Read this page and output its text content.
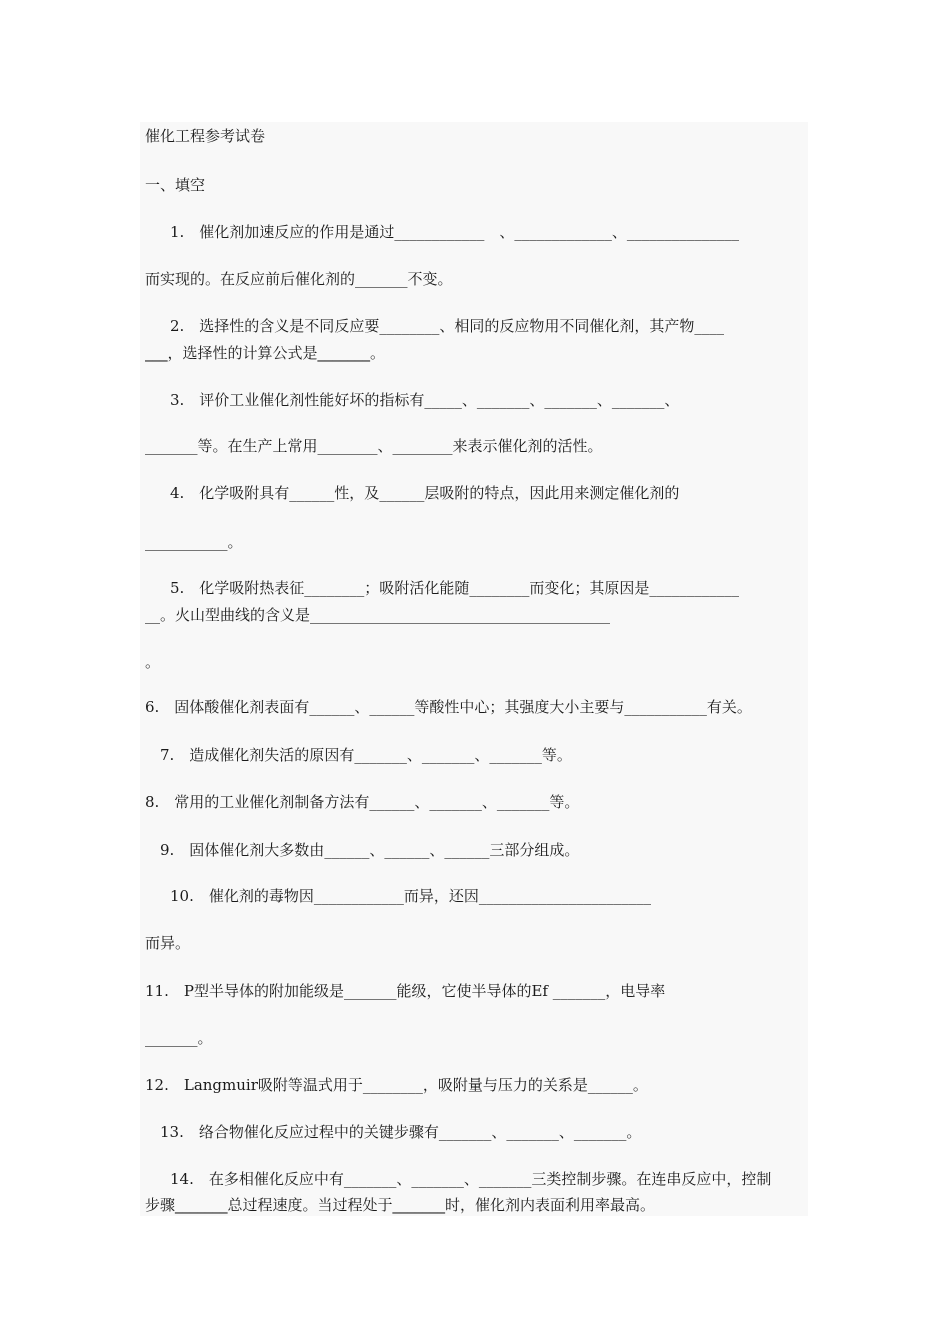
催化工程参考试卷
一、填空
1.　催化剂加速反应的作用是通过____________　、_____________、_______________
而实现的。在反应前后催化剂的_______不变。
2.　选择性的含义是不同反应要________、相同的反应物用不同催化剂，其产物____
___，选择性的计算公式是_______。
3.　评价工业催化剂性能好坏的指标有_____、_______、_______、_______、
_______等。在生产上常用________、________来表示催化剂的活性。
4.　化学吸附具有______性，及______层吸附的特点，因此用来测定催化剂的
___________。
5.　化学吸附热表征________；吸附活化能随________而变化；其原因是____________
__。火山型曲线的含义是________________________________________
。
6.　固体酸催化剂表面有______、______等酸性中心；其强度大小主要与___________有关。
7.　造成催化剂失活的原因有_______、_______、_______等。
8.　常用的工业催化剂制备方法有______、_______、_______等。
9.　固体催化剂大多数由______、______、______三部分组成。
10.　催化剂的毒物因____________而异，还因_______________________
而异。
11.　P型半导体的附加能级是_______能级，它使半导体的Ef _______，电导率
_______。
12.　Langmuir吸附等温式用于________，吸附量与压力的关系是______。
13.　络合物催化反应过程中的关键步骤有_______、_______、_______。
14.　在多相催化反应中有_______、_______、_______三类控制步骤。在连串反应中，控制
步骤_______总过程速度。当过程处于_______时，催化剂内表面利用率最高。
